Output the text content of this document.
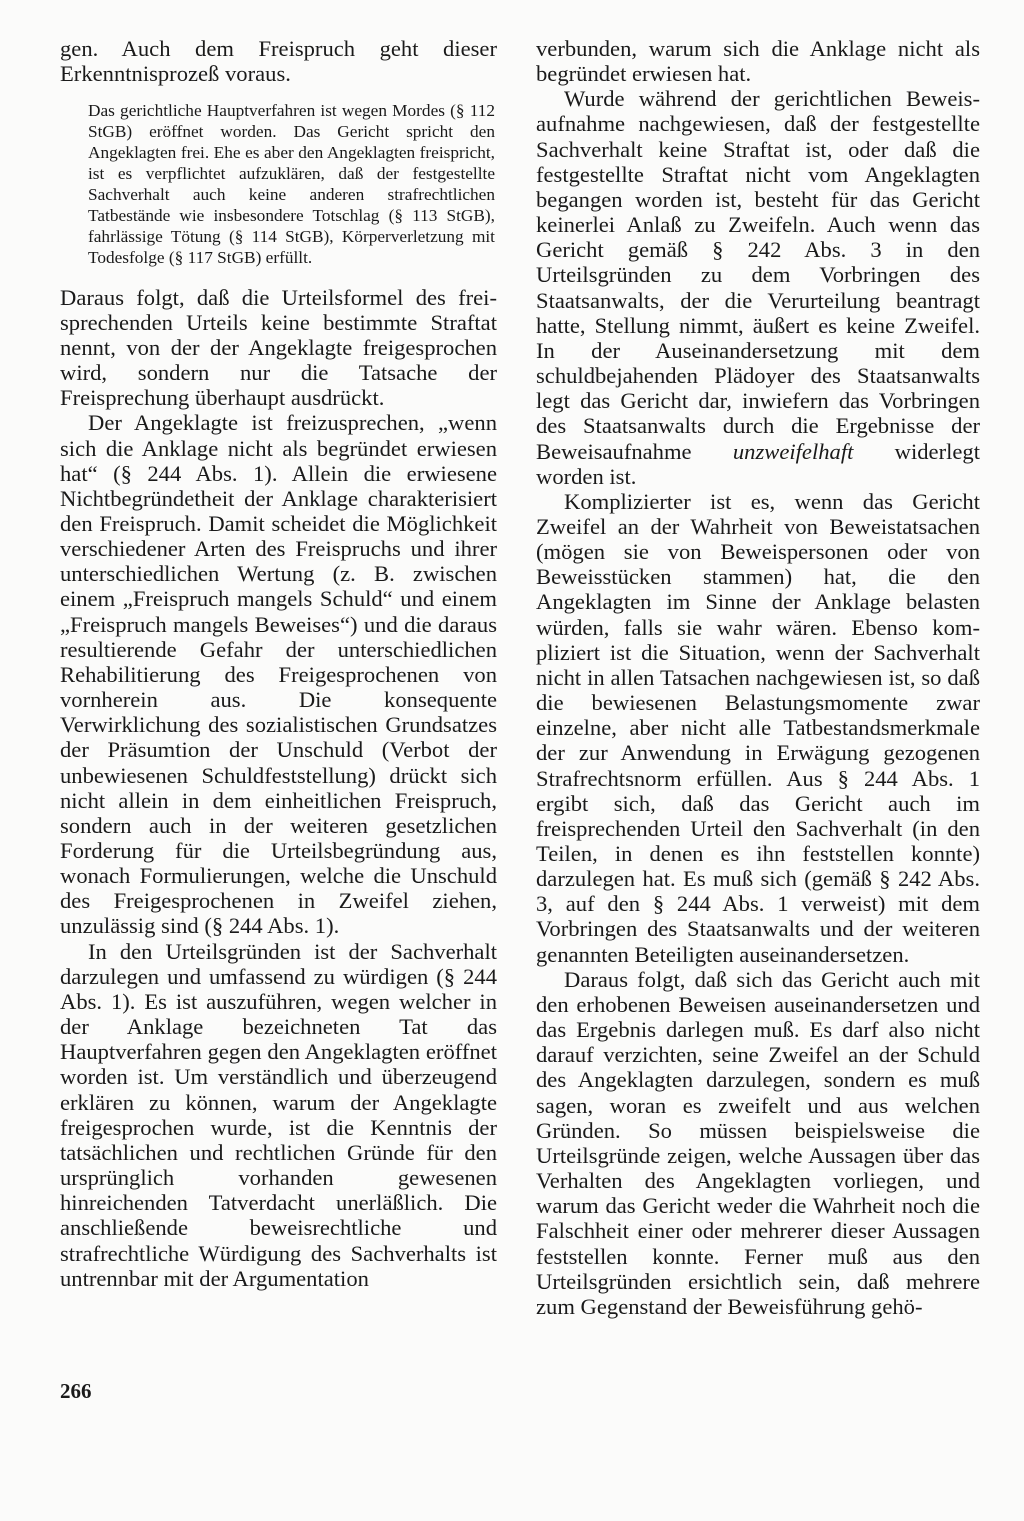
gen. Auch dem Freispruch geht dieser Erkenntnisprozeß voraus.

Das gerichtliche Hauptverfahren ist wegen Mordes (§ 112 StGB) eröffnet worden. Das Gericht spricht den Angeklagten frei. Ehe es aber den Angeklagten freispricht, ist es verpflichtet aufzuklären, daß der festgestellte Sachverhalt auch keine anderen strafrechtlichen Tatbestände wie insbesondere Totschlag (§ 113 StGB), fahrlässige Tötung (§ 114 StGB), Körperverletzung mit Todesfolge (§ 117 StGB) erfüllt.

Daraus folgt, daß die Urteilsformel des freisprechenden Urteils keine bestimmte Straftat nennt, von der der Angeklagte freigesprochen wird, sondern nur die Tatsache der Freisprechung überhaupt ausdrückt.

Der Angeklagte ist freizusprechen, „wenn sich die Anklage nicht als begründet erwiesen hat“ (§ 244 Abs. 1). Allein die erwiesene Nichtbegründetheit der Anklage charakterisiert den Freispruch. Damit scheidet die Möglichkeit verschiedener Arten des Freispruchs und ihrer unterschiedlichen Wertung (z. B. zwischen einem „Freispruch mangels Schuld“ und einem „Freispruch mangels Beweises“) und die daraus resultierende Gefahr der unterschiedlichen Rehabilitierung des Freigesprochenen von vornherein aus. Die konsequente Verwirklichung des sozialistischen Grundsatzes der Präsumtion der Unschuld (Verbot der unbewiesenen Schuldfeststellung) drückt sich nicht allein in dem einheitlichen Freispruch, sondern auch in der weiteren gesetzlichen Forderung für die Urteilsbegründung aus, wonach Formulierungen, welche die Unschuld des Freigesprochenen in Zweifel ziehen, unzulässig sind (§ 244 Abs. 1).

In den Urteilsgründen ist der Sachverhalt darzulegen und umfassend zu würdigen (§ 244 Abs. 1). Es ist auszuführen, wegen welcher in der Anklage bezeichneten Tat das Hauptverfahren gegen den Angeklagten eröffnet worden ist. Um verständlich und überzeugend erklären zu können, warum der Angeklagte freigesprochen wurde, ist die Kenntnis der tatsächlichen und rechtlichen Gründe für den ursprünglich vorhanden gewesenen hinreichenden Tatverdacht unerläßlich. Die anschließende beweisrechtliche und strafrechtliche Würdigung des Sachverhalts ist untrennbar mit der Argumentation

verbunden, warum sich die Anklage nicht als begründet erwiesen hat.

Wurde während der gerichtlichen Beweisaufnahme nachgewiesen, daß der festgestellte Sachverhalt keine Straftat ist, oder daß die festgestellte Straftat nicht vom Angeklagten begangen worden ist, besteht für das Gericht keinerlei Anlaß zu Zweifeln. Auch wenn das Gericht gemäß § 242 Abs. 3 in den Urteilsgründen zu dem Vorbringen des Staatsanwalts, der die Verurteilung beantragt hatte, Stellung nimmt, äußert es keine Zweifel. In der Auseinandersetzung mit dem schuldbejahenden Plädoyer des Staatsanwalts legt das Gericht dar, inwiefern das Vorbringen des Staatsanwalts durch die Ergebnisse der Beweisaufnahme unzweifelhaft widerlegt worden ist.

Komplizierter ist es, wenn das Gericht Zweifel an der Wahrheit von Beweistatsachen (mögen sie von Beweispersonen oder von Beweisstücken stammen) hat, die den Angeklagten im Sinne der Anklage belasten würden, falls sie wahr wären. Ebenso kompliziert ist die Situation, wenn der Sachverhalt nicht in allen Tatsachen nachgewiesen ist, so daß die bewiesenen Belastungsmomente zwar einzelne, aber nicht alle Tatbestandsmerkmale der zur Anwendung in Erwägung gezogenen Strafrechtsnorm erfüllen. Aus § 244 Abs. 1 ergibt sich, daß das Gericht auch im freisprechenden Urteil den Sachverhalt (in den Teilen, in denen es ihn feststellen konnte) darzulegen hat. Es muß sich (gemäß § 242 Abs. 3, auf den § 244 Abs. 1 verweist) mit dem Vorbringen des Staatsanwalts und der weiteren genannten Beteiligten auseinandersetzen.

Daraus folgt, daß sich das Gericht auch mit den erhobenen Beweisen auseinandersetzen und das Ergebnis darlegen muß. Es darf also nicht darauf verzichten, seine Zweifel an der Schuld des Angeklagten darzulegen, sondern es muß sagen, woran es zweifelt und aus welchen Gründen. So müssen beispielsweise die Urteilsgründe zeigen, welche Aussagen über das Verhalten des Angeklagten vorliegen, und warum das Gericht weder die Wahrheit noch die Falschheit einer oder mehrerer dieser Aussagen feststellen konnte. Ferner muß aus den Urteilsgründen ersichtlich sein, daß mehrere zum Gegenstand der Beweisführung gehö-

266
